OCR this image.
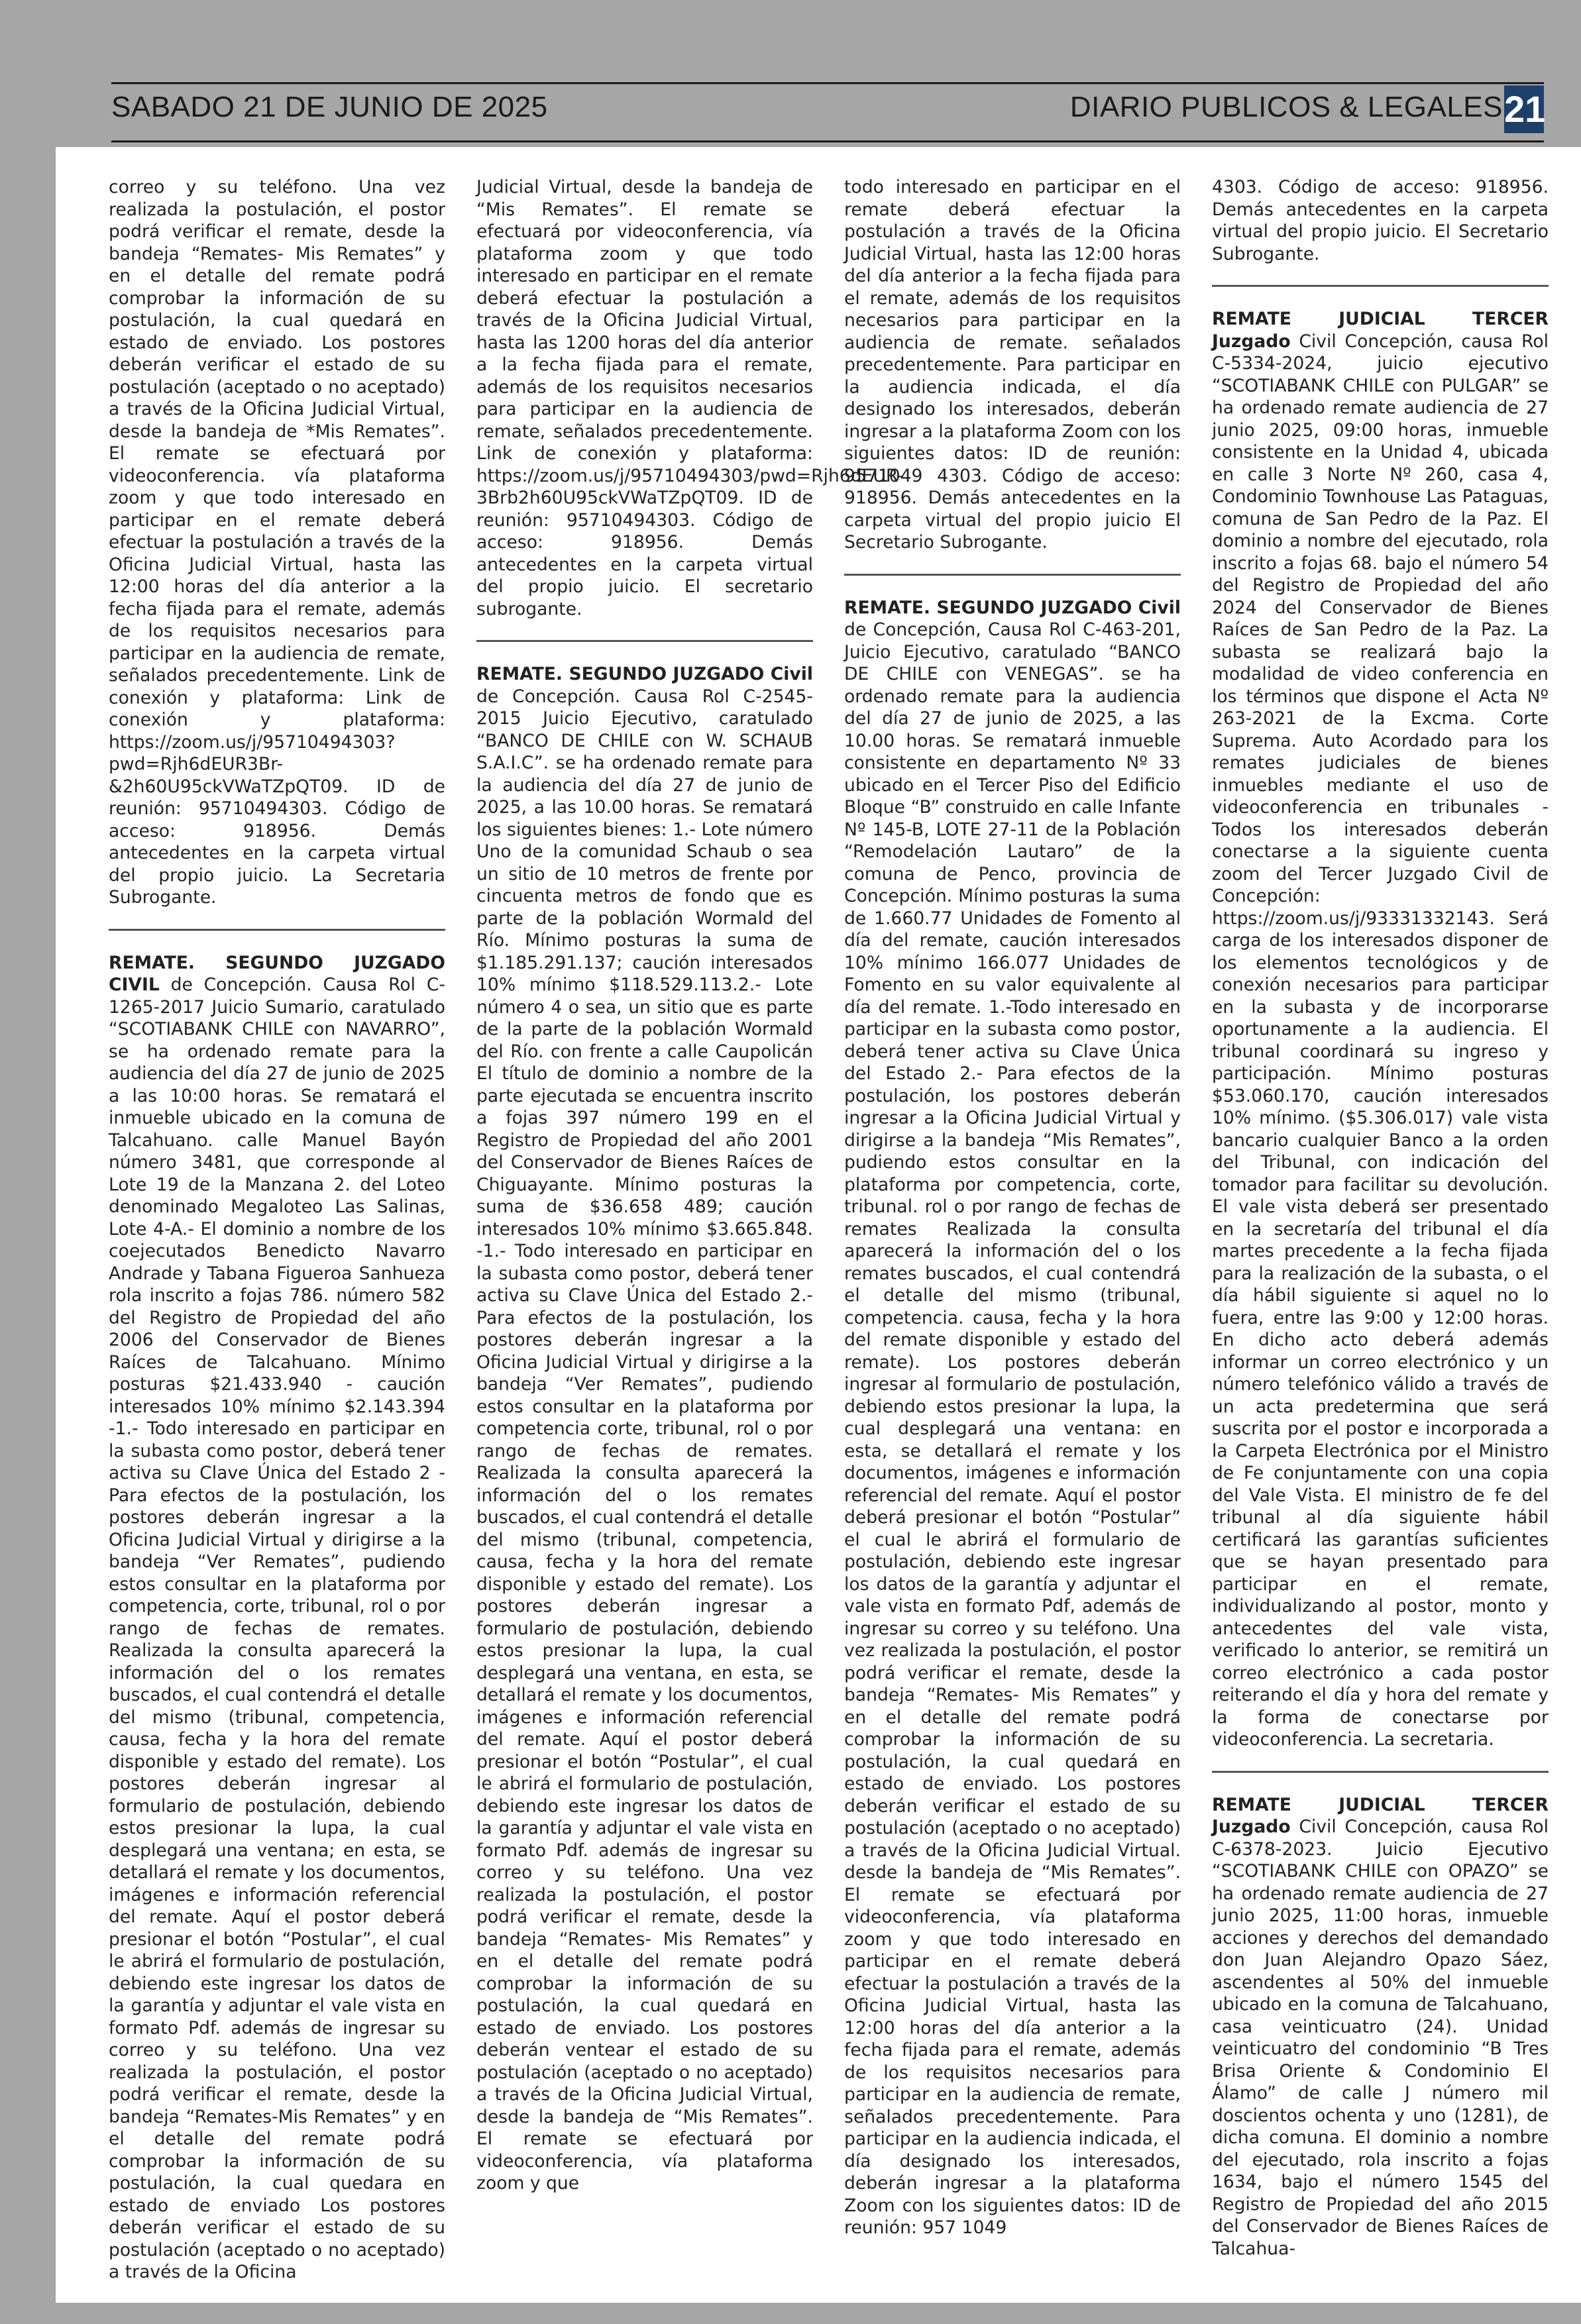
SABADO 21 DE JUNIO DE 2025	DIARIO PUBLICOS & LEGALES 21

correo y su teléfono. Una vez realizada la postulación, el postor podrá verificar el remate, desde la bandeja “Remates- Mis Remates” y en el detalle del remate podrá comprobar la información de su postulación, la cual quedará en estado de enviado. Los postores deberán verificar el estado de su postulación (aceptado o no aceptado) a través de la Oficina Judicial Virtual, desde la bandeja de *Mis Remates”. El remate se efectuará por videoconferencia. vía plataforma zoom y que todo interesado en participar en el remate deberá efectuar la postulación a través de la Oficina Judicial Virtual, hasta las 12:00 horas del día anterior a la fecha fijada para el remate, además de los requisitos necesarios para participar en la audiencia de remate, señalados precedentemente. Link de conexión y plataforma: Link de conexión y plataforma: https://zoom.us/j/95710494303?pwd=Rjh6dEUR3Br-&2h60U95ckVWaTZpQT09. ID de reunión: 95710494303. Código de acceso: 918956. Demás antecedentes en la carpeta virtual del propio juicio. La Secretaria Subrogante.

REMATE. SEGUNDO JUZGADO CIVIL de Concepción. Causa Rol C-1265-2017 Juicio Sumario, caratulado “SCOTIABANK CHILE con NAVARRO”, se ha ordenado remate para la audiencia del día 27 de junio de 2025 a las 10:00 horas. Se rematará el inmueble ubicado en la comuna de Talcahuano. calle Manuel Bayón número 3481, que corresponde al Lote 19 de la Manzana 2. del Loteo denominado Megaloteo Las Salinas, Lote 4-A.- El dominio a nombre de los coejecutados Benedicto Navarro Andrade y Tabana Figueroa Sanhueza rola inscrito a fojas 786. número 582 del Registro de Propiedad del año 2006 del Conservador de Bienes Raíces de Talcahuano. Mínimo posturas $21.433.940 - caución interesados 10% mínimo $2.143.394 -1.- Todo interesado en participar en la subasta como postor, deberá tener activa su Clave Única del Estado 2 -Para efectos de la postulación, los postores deberán ingresar a la Oficina Judicial Virtual y dirigirse a la bandeja “Ver Remates”, pudiendo estos consultar en la plataforma por competencia, corte, tribunal, rol o por rango de fechas de remates. Realizada la consulta aparecerá la información del o los remates buscados, el cual contendrá el detalle del mismo (tribunal, competencia, causa, fecha y la hora del remate disponible y estado del remate). Los postores deberán ingresar al formulario de postulación, debiendo estos presionar la lupa, la cual desplegará una ventana; en esta, se detallará el remate y los documentos, imágenes e información referencial del remate. Aquí el postor deberá presionar el botón “Postular”, el cual le abrirá el formulario de postulación, debiendo este ingresar los datos de la garantía y adjuntar el vale vista en formato Pdf. además de ingresar su correo y su teléfono. Una vez realizada la postulación, el postor podrá verificar el remate, desde la bandeja “Remates-Mis Remates” y en el detalle del remate podrá comprobar la información de su postulación, la cual quedara en estado de enviado Los postores deberán verificar el estado de su postulación (aceptado o no aceptado) a través de la Oficina

Judicial Virtual, desde la bandeja de “Mis Remates”. El remate se efectuará por videoconferencia, vía plataforma zoom y que todo interesado en participar en el remate deberá efectuar la postulación a través de la Oficina Judicial Virtual, hasta las 1200 horas del día anterior a la fecha fijada para el remate, además de los requisitos necesarios para participar en la audiencia de remate, señalados precedentemente. Link de conexión y plataforma: https://zoom.us/j/95710494303/pwd=Rjh6dEUR-3Brb2h60U95ckVWaTZpQT09. ID de reunión: 95710494303. Código de acceso: 918956. Demás antecedentes en la carpeta virtual del propio juicio. El secretario subrogante.

REMATE. SEGUNDO JUZGADO Civil de Concepción. Causa Rol C-2545-2015 Juicio Ejecutivo, caratulado “BANCO DE CHILE con W. SCHAUB S.A.I.C”. se ha ordenado remate para la audiencia del día 27 de junio de 2025, a las 10.00 horas. Se rematará los siguientes bienes: 1.- Lote número Uno de la comunidad Schaub o sea un sitio de 10 metros de frente por cincuenta metros de fondo que es parte de la población Wormald del Río. Mínimo posturas la suma de $1.185.291.137; caución interesados 10% mínimo $118.529.113.2.- Lote número 4 o sea, un sitio que es parte de la parte de la población Wormald del Río. con frente a calle Caupolicán El título de dominio a nombre de la parte ejecutada se encuentra inscrito a fojas 397 número 199 en el Registro de Propiedad del año 2001 del Conservador de Bienes Raíces de Chiguayante. Mínimo posturas la suma de $36.658 489; caución interesados 10% mínimo $3.665.848. -1.- Todo interesado en participar en la subasta como postor, deberá tener activa su Clave Única del Estado 2.- Para efectos de la postulación, los postores deberán ingresar a la Oficina Judicial Virtual y dirigirse a la bandeja “Ver Remates”, pudiendo estos consultar en la plataforma por competencia corte, tribunal, rol o por rango de fechas de remates. Realizada la consulta aparecerá la información del o los remates buscados, el cual contendrá el detalle del mismo (tribunal, competencia, causa, fecha y la hora del remate disponible y estado del remate). Los postores deberán ingresar a formulario de postulación, debiendo estos presionar la lupa, la cual desplegará una ventana, en esta, se detallará el remate y los documentos, imágenes e información referencial del remate. Aquí el postor deberá presionar el botón “Postular”, el cual le abrirá el formulario de postulación, debiendo este ingresar los datos de la garantía y adjuntar el vale vista en formato Pdf. además de ingresar su correo y su teléfono. Una vez realizada la postulación, el postor podrá verificar el remate, desde la bandeja “Remates- Mis Remates” y en el detalle del remate podrá comprobar la información de su postulación, la cual quedará en estado de enviado. Los postores deberán ventear el estado de su postulación (aceptado o no aceptado) a través de la Oficina Judicial Virtual, desde la bandeja de “Mis Remates”. El remate se efectuará por videoconferencia, vía plataforma zoom y que

todo interesado en participar en el remate deberá efectuar la postulación a través de la Oficina Judicial Virtual, hasta las 12:00 horas del día anterior a la fecha fijada para el remate, además de los requisitos necesarios para participar en la audiencia de remate. señalados precedentemente. Para participar en la audiencia indicada, el día designado los interesados, deberán ingresar a la plataforma Zoom con los siguientes datos: ID de reunión: 9571049 4303. Código de acceso: 918956. Demás antecedentes en la carpeta virtual del propio juicio El Secretario Subrogante.

REMATE. SEGUNDO JUZGADO Civil de Concepción, Causa Rol C-463-201, Juicio Ejecutivo, caratulado “BANCO DE CHILE con VENEGAS”. se ha ordenado remate para la audiencia del día 27 de junio de 2025, a las 10.00 horas. Se rematará inmueble consistente en departamento Nº 33 ubicado en el Tercer Piso del Edificio Bloque “B” construido en calle Infante Nº 145-B, LOTE 27-11 de la Población “Remodelación Lautaro” de la comuna de Penco, provincia de Concepción. Mínimo posturas la suma de 1.660.77 Unidades de Fomento al día del remate, caución interesados 10% mínimo 166.077 Unidades de Fomento en su valor equivalente al día del remate. 1.-Todo interesado en participar en la subasta como postor, deberá tener activa su Clave Única del Estado 2.- Para efectos de la postulación, los postores deberán ingresar a la Oficina Judicial Virtual y dirigirse a la bandeja “Mis Remates”, pudiendo estos consultar en la plataforma por competencia, corte, tribunal. rol o por rango de fechas de remates Realizada la consulta aparecerá la información del o los remates buscados, el cual contendrá el detalle del mismo (tribunal, competencia. causa, fecha y la hora del remate disponible y estado del remate). Los postores deberán ingresar al formulario de postulación, debiendo estos presionar la lupa, la cual desplegará una ventana: en esta, se detallará el remate y los documentos, imágenes e información referencial del remate. Aquí el postor deberá presionar el botón “Postular” el cual le abrirá el formulario de postulación, debiendo este ingresar los datos de la garantía y adjuntar el vale vista en formato Pdf, además de ingresar su correo y su teléfono. Una vez realizada la postulación, el postor podrá verificar el remate, desde la bandeja “Remates- Mis Remates” y en el detalle del remate podrá comprobar la información de su postulación, la cual quedará en estado de enviado. Los postores deberán verificar el estado de su postulación (aceptado o no aceptado) a través de la Oficina Judicial Virtual. desde la bandeja de “Mis Remates”. El remate se efectuará por videoconferencia, vía plataforma zoom y que todo interesado en participar en el remate deberá efectuar la postulación a través de la Oficina Judicial Virtual, hasta las 12:00 horas del día anterior a la fecha fijada para el remate, además de los requisitos necesarios para participar en la audiencia de remate, señalados precedentemente. Para participar en la audiencia indicada, el día designado los interesados, deberán ingresar a la plataforma Zoom con los siguientes datos: ID de reunión: 957 1049

4303. Código de acceso: 918956. Demás antecedentes en la carpeta virtual del propio juicio. El Secretario Subrogante.

REMATE JUDICIAL TERCER Juzgado Civil Concepción, causa Rol C-5334-2024, juicio ejecutivo “SCOTIABANK CHILE con PULGAR” se ha ordenado remate audiencia de 27 junio 2025, 09:00 horas, inmueble consistente en la Unidad 4, ubicada en calle 3 Norte Nº 260, casa 4, Condominio Townhouse Las Pataguas, comuna de San Pedro de la Paz. El dominio a nombre del ejecutado, rola inscrito a fojas 68. bajo el número 54 del Registro de Propiedad del año 2024 del Conservador de Bienes Raíces de San Pedro de la Paz. La subasta se realizará bajo la modalidad de video conferencia en los términos que dispone el Acta Nº 263-2021 de la Excma. Corte Suprema. Auto Acordado para los remates judiciales de bienes inmuebles mediante el uso de videoconferencia en tribunales - Todos los interesados deberán conectarse a la siguiente cuenta zoom del Tercer Juzgado Civil de Concepción: https://zoom.us/j/93331332143. Será carga de los interesados disponer de los elementos tecnológicos y de conexión necesarios para participar en la subasta y de incorporarse oportunamente a la audiencia. El tribunal coordinará su ingreso y participación. Mínimo posturas $53.060.170, caución interesados 10% mínimo. ($5.306.017) vale vista bancario cualquier Banco a la orden del Tribunal, con indicación del tomador para facilitar su devolución. El vale vista deberá ser presentado en la secretaría del tribunal el día martes precedente a la fecha fijada para la realización de la subasta, o el día hábil siguiente si aquel no lo fuera, entre las 9:00 y 12:00 horas. En dicho acto deberá además informar un correo electrónico y un número telefónico válido a través de un acta predetermina que será suscrita por el postor e incorporada a la Carpeta Electrónica por el Ministro de Fe conjuntamente con una copia del Vale Vista. El ministro de fe del tribunal al día siguiente hábil certificará las garantías suficientes que se hayan presentado para participar en el remate, individualizando al postor, monto y antecedentes del vale vista, verificado lo anterior, se remitirá un correo electrónico a cada postor reiterando el día y hora del remate y la forma de conectarse por videoconferencia. La secretaria.

REMATE JUDICIAL TERCER Juzgado Civil Concepción, causa Rol C-6378-2023. Juicio Ejecutivo “SCOTIABANK CHILE con OPAZO” se ha ordenado remate audiencia de 27 junio 2025, 11:00 horas, inmueble acciones y derechos del demandado don Juan Alejandro Opazo Sáez, ascendentes al 50% del inmueble ubicado en la comuna de Talcahuano, casa veinticuatro (24). Unidad veinticuatro del condominio “B Tres Brisa Oriente & Condominio El Álamo” de calle J número mil doscientos ochenta y uno (1281), de dicha comuna. El dominio a nombre del ejecutado, rola inscrito a fojas 1634, bajo el número 1545 del Registro de Propiedad del año 2015 del Conservador de Bienes Raíces de Talcahua-
